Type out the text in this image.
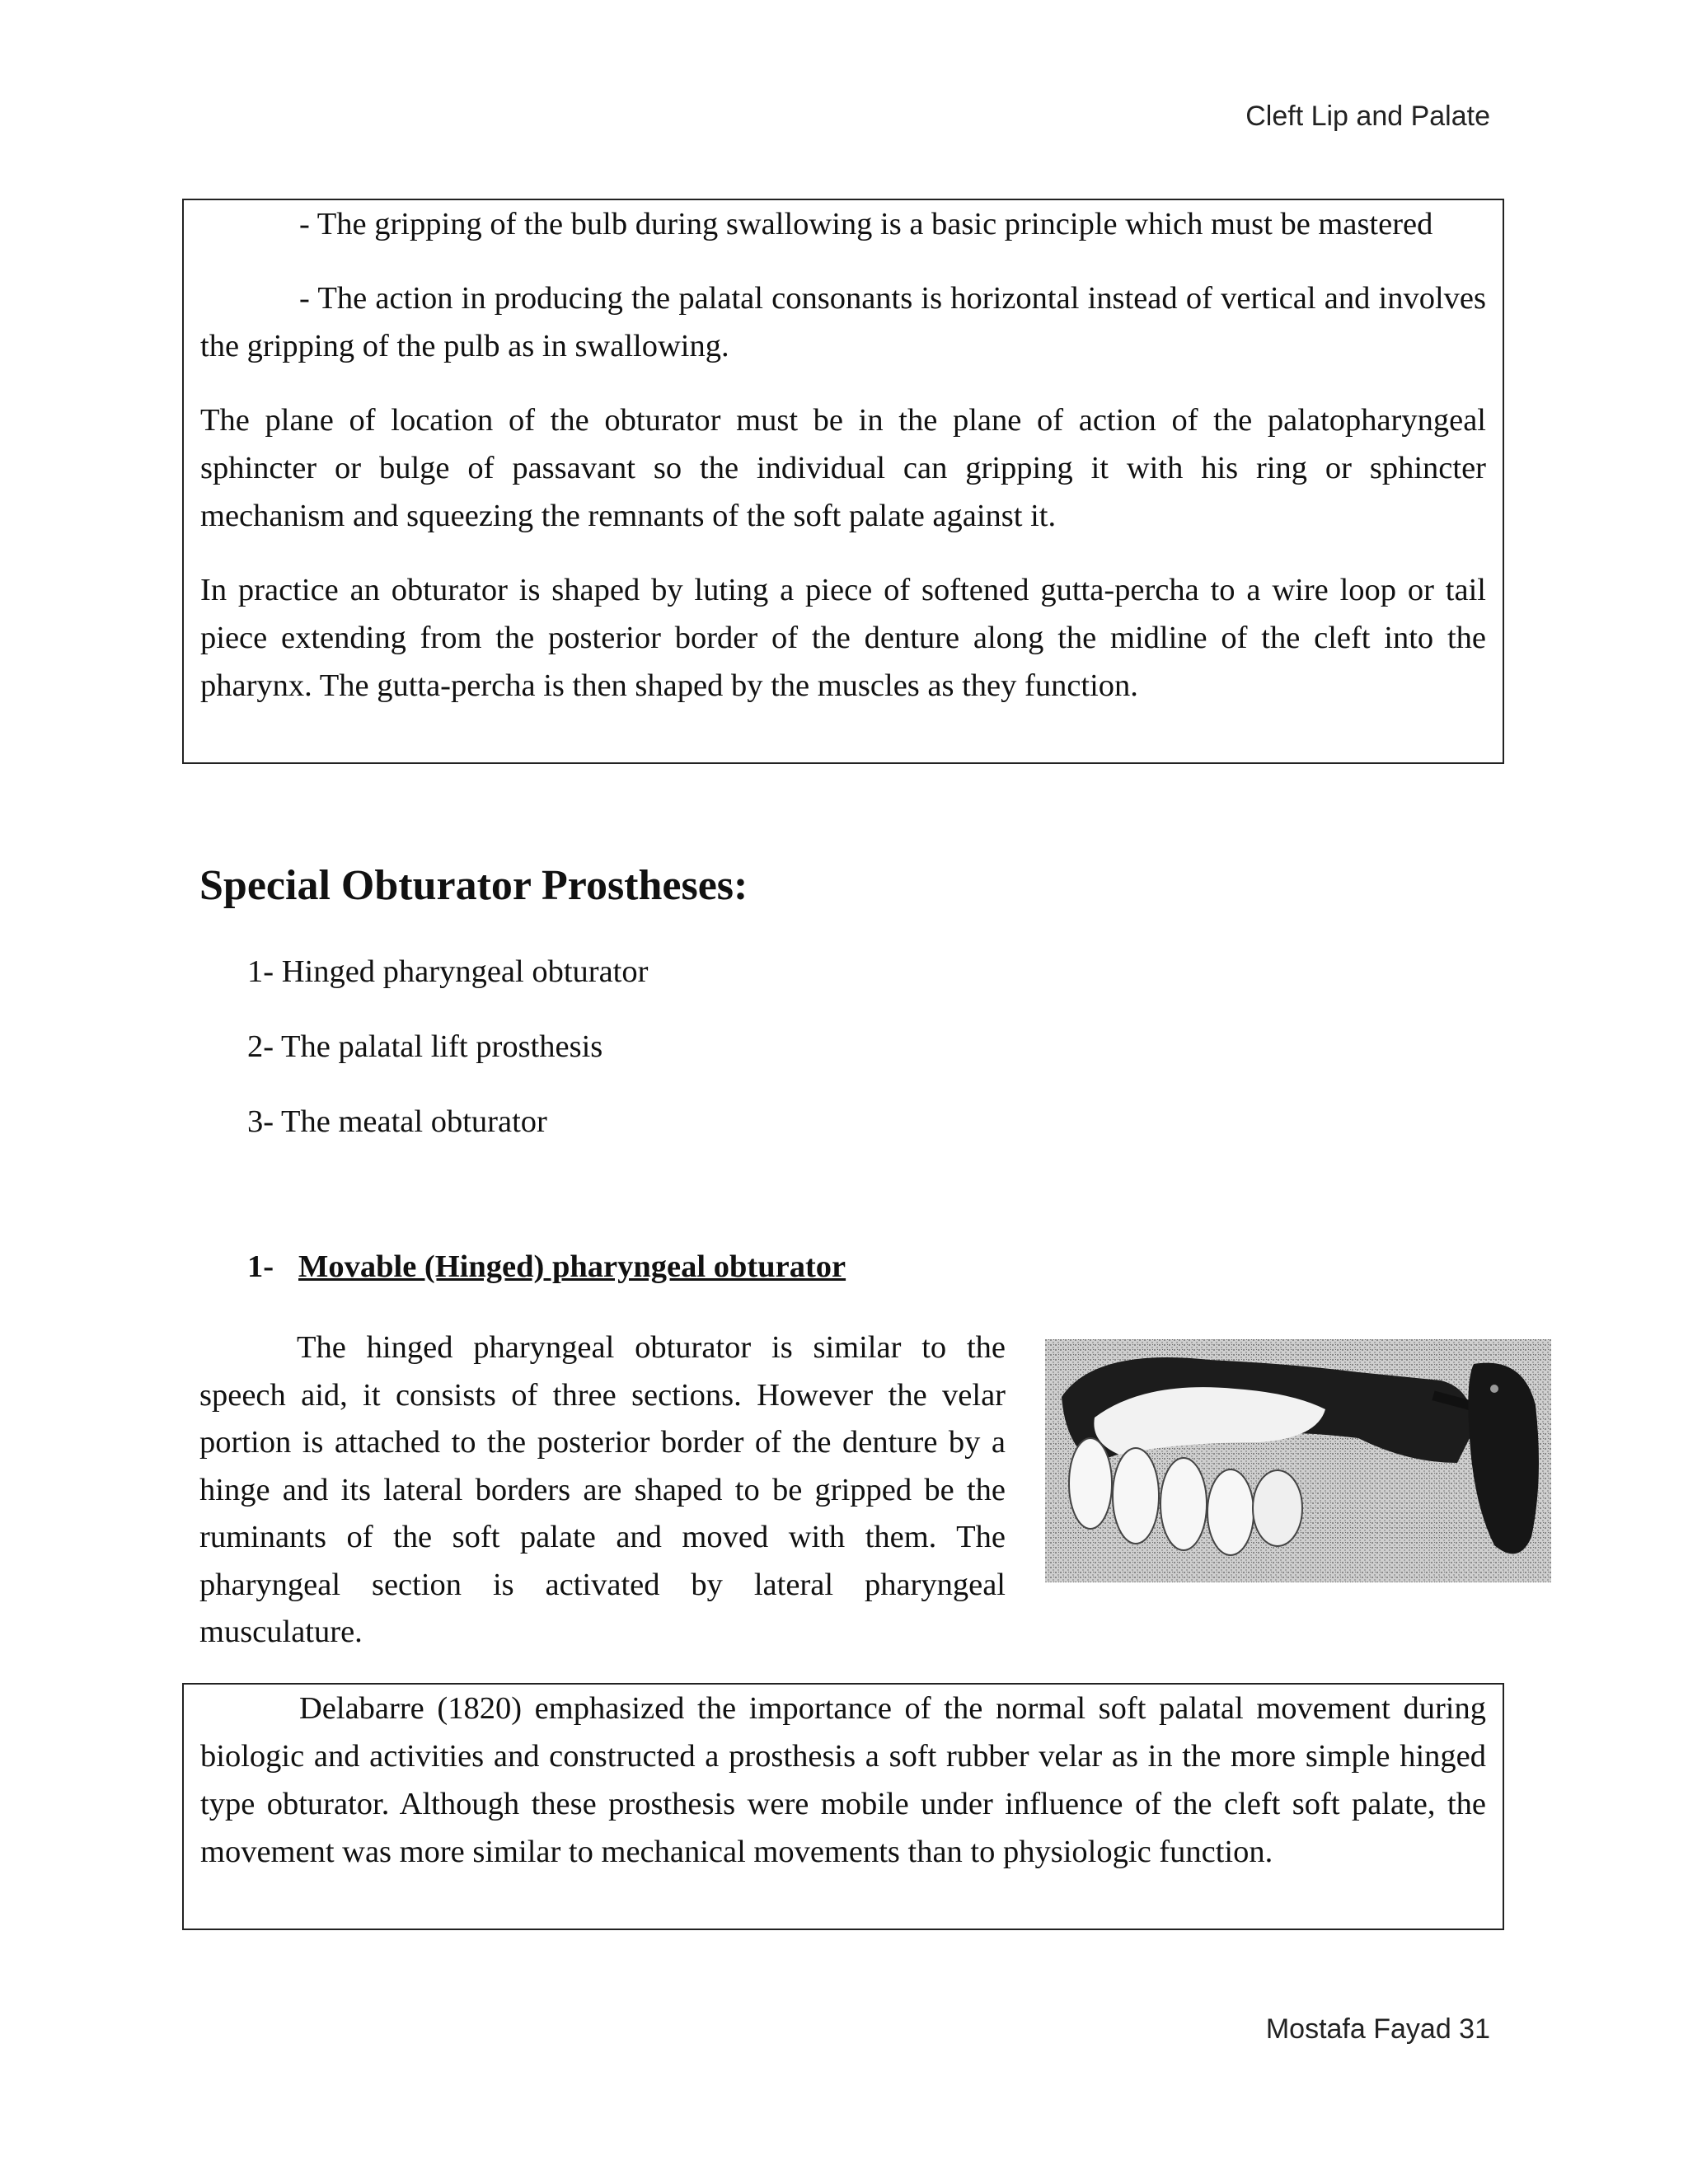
Cleft Lip and Palate

- The gripping of the bulb during swallowing is a basic principle which must be mastered

- The action in producing the palatal consonants is horizontal instead of vertical and involves the gripping of the pulb as in swallowing.

The plane of location of the obturator must be in the plane of action of the palatopharyngeal sphincter or bulge of passavant so the individual can gripping it with his ring or sphincter mechanism and squeezing the remnants of the soft palate against it.

In practice an obturator is shaped by luting a piece of softened gutta-percha to a wire loop or tail piece extending from the posterior border of the denture along the midline of the cleft into the pharynx. The gutta-percha is then shaped by the muscles as they function.

Special Obturator Prostheses:
1- Hinged pharyngeal obturator
2- The palatal lift prosthesis
3- The meatal obturator
1- Movable (Hinged) pharyngeal obturator

The hinged pharyngeal obturator is similar to the speech aid, it consists of three sections. However the velar portion is attached to the posterior border of the denture by a hinge and its lateral borders are shaped to be gripped be the ruminants of the soft palate and moved with them. The pharyngeal section is activated by lateral pharyngeal musculature.

Delabarre (1820) emphasized the importance of the normal soft palatal movement during biologic and activities and constructed a prosthesis a soft rubber velar as in the more simple hinged type obturator. Although these prosthesis were mobile under influence of the cleft soft palate, the movement was more similar to mechanical movements than to physiologic function.
Mostafa Fayad 31
